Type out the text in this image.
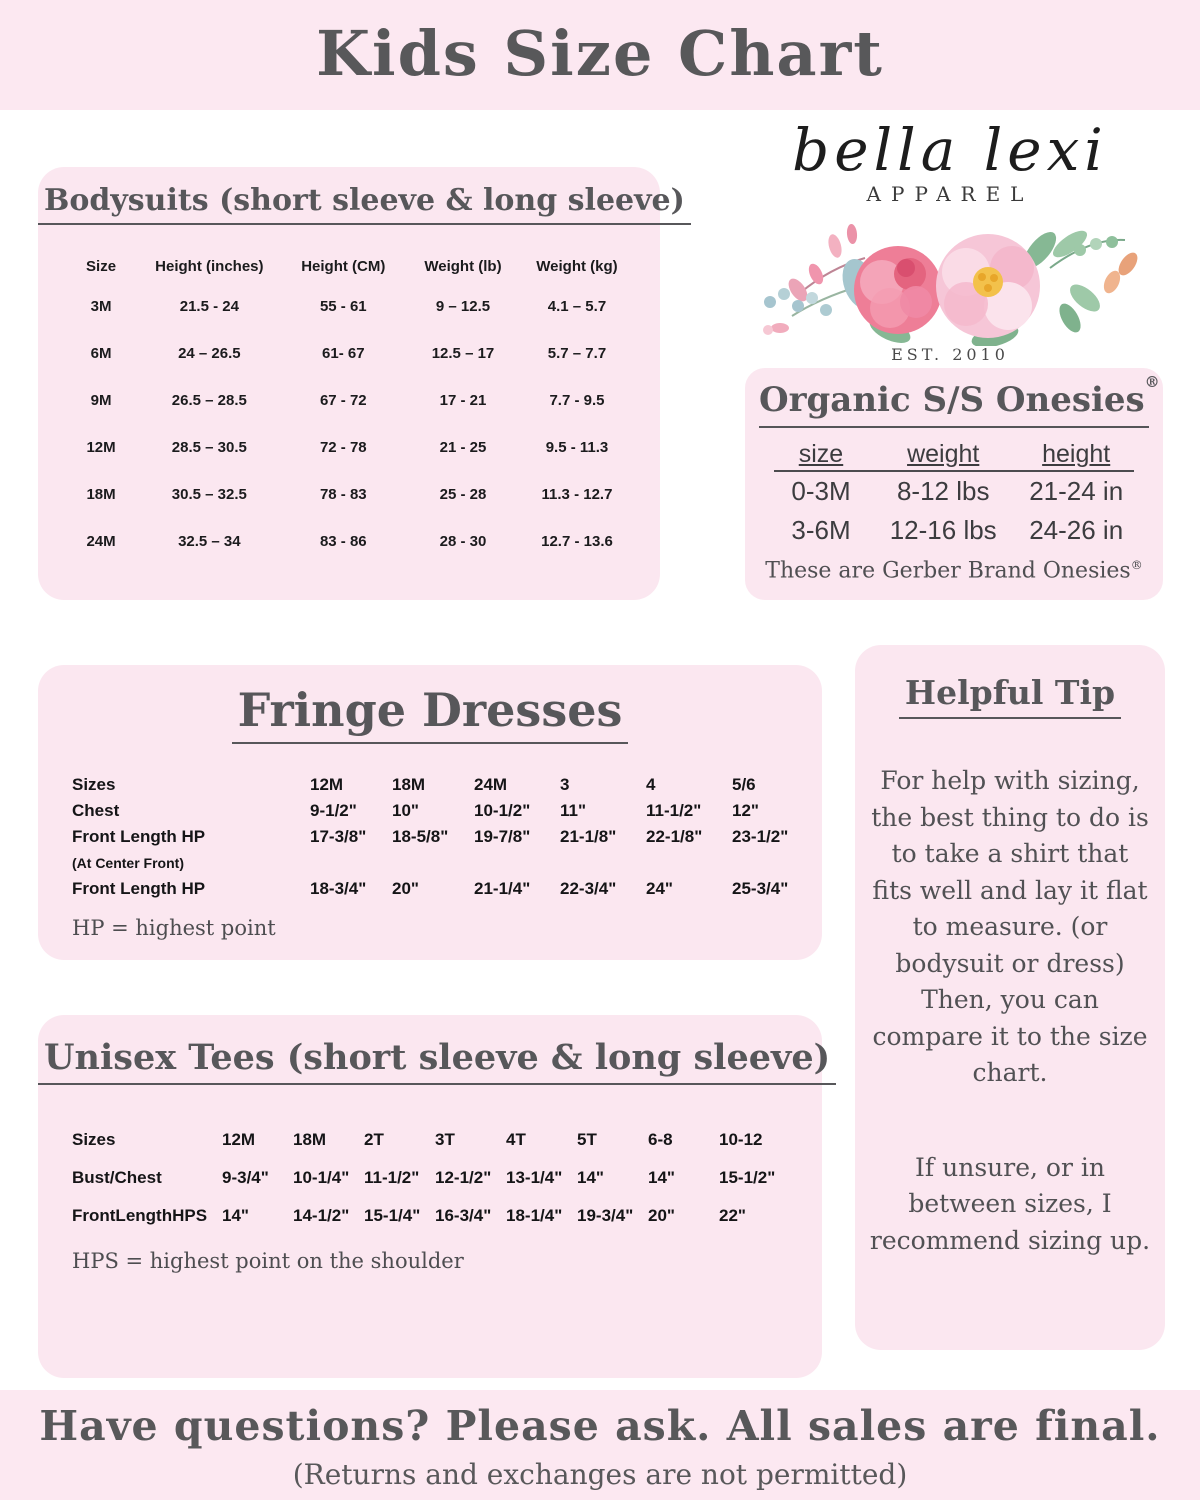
Kids Size Chart
Bodysuits (short sleeve & long sleeve)
Size	Height (inches)	Height (CM)	Weight (lb)	Weight (kg)
3M	21.5 - 24	55 - 61	9 – 12.5	4.1 – 5.7
6M	24 – 26.5	61- 67	12.5 – 17	5.7 – 7.7
9M	26.5 – 28.5	67 - 72	17 - 21	7.7 - 9.5
12M	28.5 – 30.5	72 - 78	21 - 25	9.5 - 11.3
18M	30.5 – 32.5	78 - 83	25 - 28	11.3 - 12.7
24M	32.5 – 34	83 - 86	28 - 30	12.7 - 13.6
bella lexi
APPAREL
EST. 2010
Organic S/S Onesies®
size	weight	height
0-3M	8-12 lbs	21-24 in
3-6M	12-16 lbs	24-26 in
These are Gerber Brand Onesies®
Fringe Dresses
Sizes	12M	18M	24M	3	4	5/6
Chest	9-1/2"	10"	10-1/2"	11"	11-1/2"	12"
Front Length HP	17-3/8"	18-5/8"	19-7/8"	21-1/8"	22-1/8"	23-1/2"
(At Center Front)
Front Length HP	18-3/4"	20"	21-1/4"	22-3/4"	24"	25-3/4"
HP = highest point
Helpful Tip
For help with sizing, the best thing to do is to take a shirt that fits well and lay it flat to measure. (or bodysuit or dress) Then, you can compare it to the size chart.
If unsure, or in between sizes, I recommend sizing up.
Unisex Tees (short sleeve & long sleeve)
Sizes	12M	18M	2T	3T	4T	5T	6-8	10-12
Bust/Chest	9-3/4"	10-1/4" 11-1/2" 12-1/2" 13-1/4" 14"	14"	15-1/2"
FrontLengthHPS 14"	14-1/2" 15-1/4" 16-3/4" 18-1/4" 19-3/4" 20"	22"
HPS = highest point on the shoulder
Have questions? Please ask. All sales are final.
(Returns and exchanges are not permitted)
